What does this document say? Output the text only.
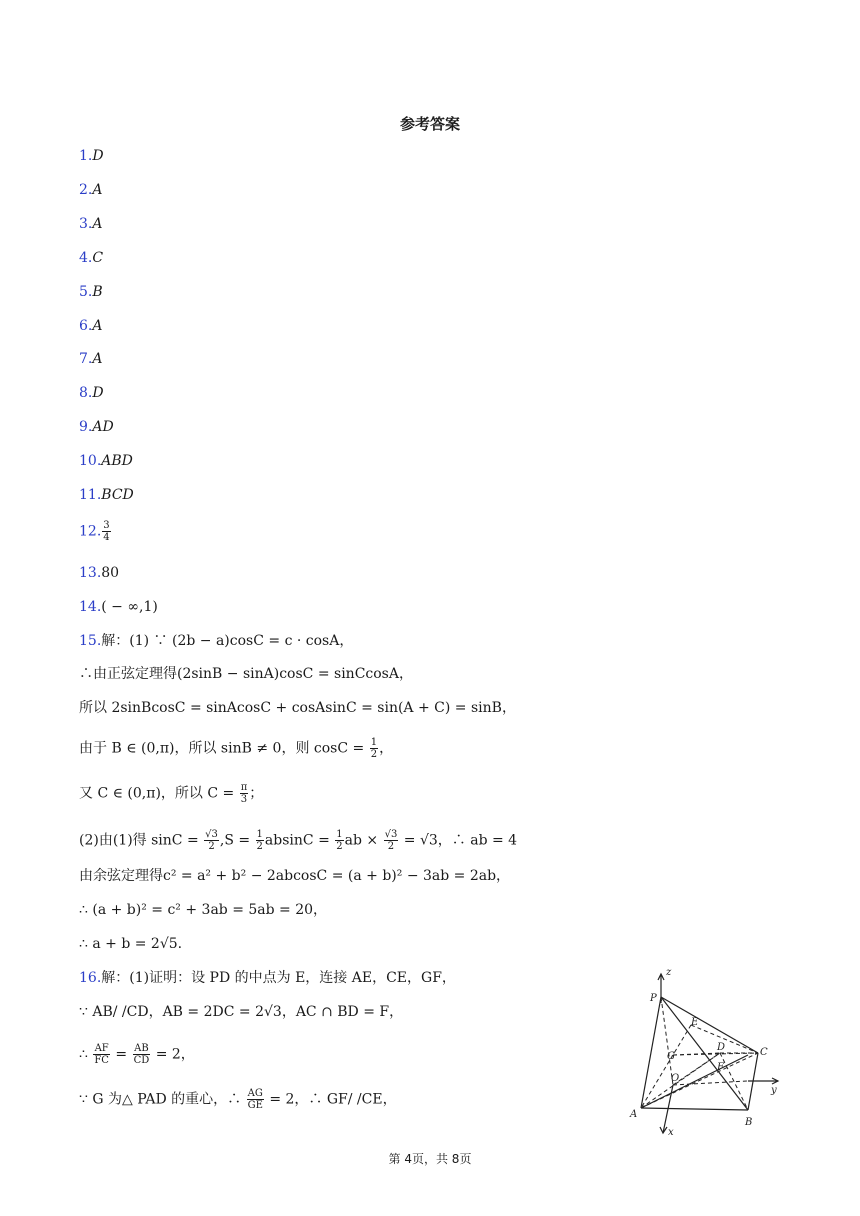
参考答案
1.D
2.A
3.A
4.C
5.B
6.A
7.A
8.D
9.AD
10.ABD
11.BCD
12. $\frac{3}{4}$
13.80
14.( − ∞,1)
15.解：(1) ∵ (2b − a)cosC = c · cosA，
∴由正弦定理得(2sinB − sinA)cosC = sinCcosA，
所以 2sinBcosC = sinAcosC + cosAsinC = sin(A + C) = sinB，
由于 B ∈ (0,π)，所以 sinB ≠ 0，则 $\cos C = \frac{1}{2}$ ，
又 C ∈ (0,π)，所以 $C = \frac{\pi}{3}$ ；
(2)由(1)得 $\sin C = \frac{√3}{2} ,S = \frac{1}{2}$ $absinC = \frac{1}{2}$ ab × $\frac{√3}{2} = √3$，∴ ab = 4
由余弦定理得c² = a² + b² − 2abcosC = (a + b)² − 3ab = 2ab，
∴ (a + b)² = c² + 3ab = 5ab = 20，
∴ a + b = 2√5.
16.解：(1)证明：设 PD 的中点为 E，连接 AE，CE，GF，
∵ AB/ /CD，AB = 2DC = 2√3，AC ∩ BD = F，
∴ $\frac{AF}{FC} = \frac{AB}{CD} = 2$，
∵ G 为△ PAD 的重心，∴ $\frac{AG}{GE} = 2$，∴ GF/ /CE，
z
P
E
G
D	C
O
F
y
A
B
x
第 4页，共 8页
